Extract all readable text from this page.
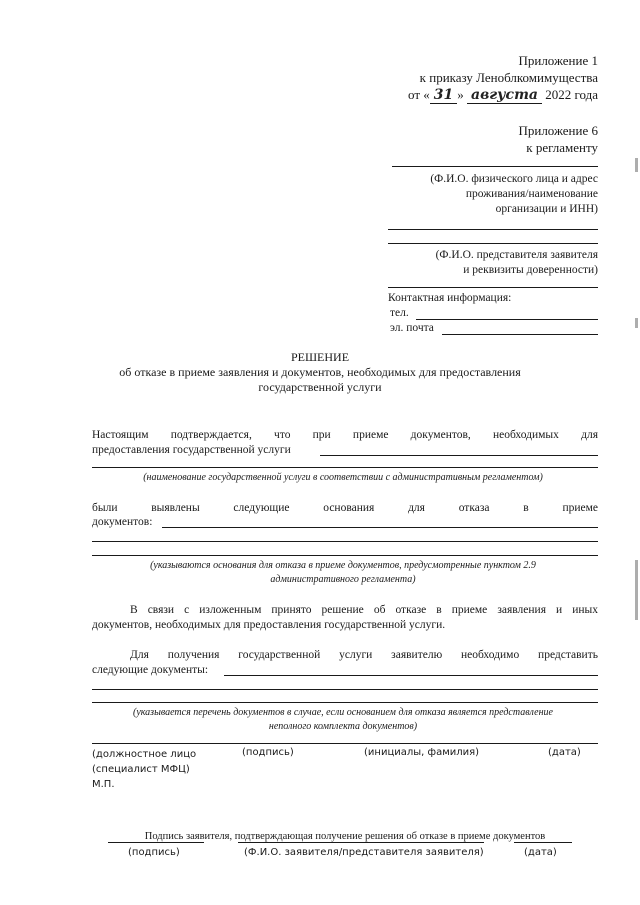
Приложение 1
к приказу Леноблкомимущества
от « 31 » августа 2022 года
Приложение 6
к регламенту
(Ф.И.О. физического лица и адрес
проживания/наименование
организации и ИНН)
(Ф.И.О. представителя заявителя
и реквизиты доверенности)
Контактная информация:
тел.
эл. почта
РЕШЕНИЕ
об отказе в приеме заявления и документов, необходимых для предоставления
государственной услуги
Настоящим подтверждается, что при приеме документов, необходимых для
предоставления государственной услуги
(наименование государственной услуги в соответствии с административным регламентом)
были выявлены следующие основания для отказа в приеме
документов:
(указываются основания для отказа в приеме документов, предусмотренные пунктом 2.9
административного регламента)
В связи с изложенным принято решение об отказе в приеме заявления и иных
документов, необходимых для предоставления государственной услуги.
Для получения государственной услуги заявителю необходимо представить
следующие документы:
(указывается перечень документов в случае, если основанием для отказа является представление
неполного комплекта документов)
(должностное лицо
(специалист МФЦ)
М.П.
(подпись)	(инициалы, фамилия)	(дата)
Подпись заявителя, подтверждающая получение решения об отказе в приеме документов
(подпись)	(Ф.И.О. заявителя/представителя заявителя)	(дата)
